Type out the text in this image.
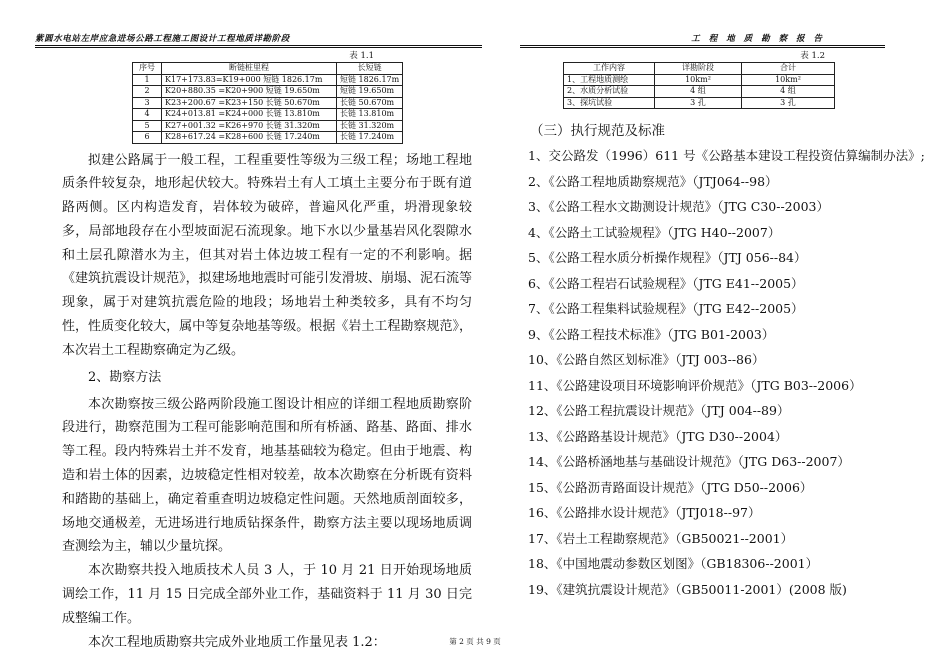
紫圆水电站左岸应急进场公路工程施工图设计工程地质详勘阶段	工 程 地 质 勘 察 报 告
表 1.1
序号	断链桩里程	长短链
1	K17+173.83=K19+000 短链 1826.17m	短链 1826.17m
2	K20+880.35 =K20+900 短链 19.650m	短链 19.650m
3	K23+200.67 =K23+150 长链 50.670m	长链 50.670m
4	K24+013.81 =K24+000 长链 13.810m	长链 13.810m
5	K27+001.32 =K26+970 长链 31.320m	长链 31.320m
6	K28+617.24 =K28+600 长链 17.240m	长链 17.240m

拟建公路属于一般工程，工程重要性等级为三级工程；场地工程地质条件较复杂，地形起伏较大。特殊岩土有人工填土主要分布于既有道路两侧。区内构造发育，岩体较为破碎，普遍风化严重，坍滑现象较多，局部地段存在小型坡面泥石流现象。地下水以少量基岩风化裂隙水和土层孔隙潜水为主，但其对岩土体边坡工程有一定的不利影响。据《建筑抗震设计规范》，拟建场地地震时可能引发滑坡、崩塌、泥石流等现象，属于对建筑抗震危险的地段；场地岩土种类较多，具有不均匀性，性质变化较大，属中等复杂地基等级。根据《岩土工程勘察规范》，本次岩土工程勘察确定为乙级。

2、勘察方法

本次勘察按三级公路两阶段施工图设计相应的详细工程地质勘察阶段进行，勘察范围为工程可能影响范围和所有桥涵、路基、路面、排水等工程。段内特殊岩土并不发育，地基基础较为稳定。但由于地震、构造和岩土体的因素，边坡稳定性相对较差，故本次勘察在分析既有资料和踏勘的基础上，确定着重查明边坡稳定性问题。天然地质剖面较多，场地交通极差，无进场进行地质钻探条件，勘察方法主要以现场地质调查测绘为主，辅以少量坑探。

本次勘察共投入地质技术人员 3 人，于 10 月 21 日开始现场地质调绘工作，11 月 15 日完成全部外业工作，基础资料于 11 月 30 日完成整编工作。

本次工程地质勘察共完成外业地质工作量见表 1.2：

表 1.2
工作内容	详勘阶段	合计
1、工程地质测绘	10km²	10km²
2、水质分析试验	4 组	4 组
3、探坑试验	3 孔	3 孔
（三）执行规范及标准
1、交公路发（1996）611 号《公路基本建设工程投资估算编制办法》;
2、《公路工程地质勘察规范》（JTJ064--98）
3、《公路工程水文勘测设计规范》（JTG C30--2003）
4、《公路土工试验规程》（JTG H40--2007）
5、《公路工程水质分析操作规程》（JTJ 056--84）
6、《公路工程岩石试验规程》（JTG E41--2005）
7、《公路工程集料试验规程》（JTG E42--2005）
9、《公路工程技术标准》（JTG B01-2003）
10、《公路自然区划标准》（JTJ 003--86）
11、《公路建设项目环境影响评价规范》（JTG B03--2006）
12、《公路工程抗震设计规范》（JTJ 004--89）
13、《公路路基设计规范》（JTG D30--2004）
14、《公路桥涵地基与基础设计规范》（JTG D63--2007）
15、《公路沥青路面设计规范》（JTG D50--2006）
16、《公路排水设计规范》（JTJ018--97）
17、《岩土工程勘察规范》（GB50021--2001）
18、《中国地震动参数区划图》（GB18306--2001）
19、《建筑抗震设计规范》（GB50011-2001）(2008 版)
第 2 页 共 9 页
